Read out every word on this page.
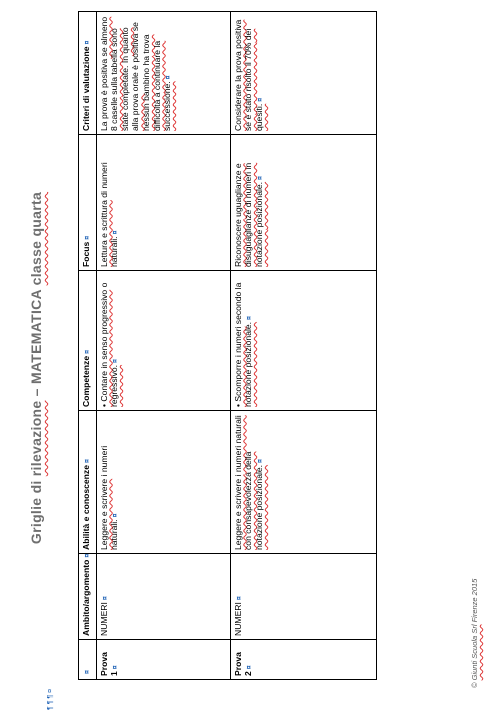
Griglie di rilevazione – MATEMATICA classe quarta
¶ ¶ ¶ ¤
¤	Ambito/argomento¤	Abilità e conoscenze¤	Competenze¤	Focus¤	Criteri di valutazione¤
Prova 1¤	NUMERI¤	Leggere e scrivere i numeri naturali.¤	• Contare in senso progressivo o regressivo.¤	Lettura e scrittura di numeri naturali.¤	La prova è positiva se almeno 8 caselle sulla tabella sono state completate. In quanto alla prova orale è positiva se nessun bambino ha trova difficoltà a continuare la successione.¤
Prova 2¤	NUMERI¤	Leggere e scrivere i numeri naturali con consapevolezza della notazione posizionale.¤	• Scomporre i numeri secondo la notazione posizionale.¤	Riconoscere uguaglianze e disuguaglianze di numeri in notazione posizionale.¤	Considerare la prova positiva se è stato risolto il 70% dei quesiti.¤
© Giunti Scuola Srl Firenze 2015
